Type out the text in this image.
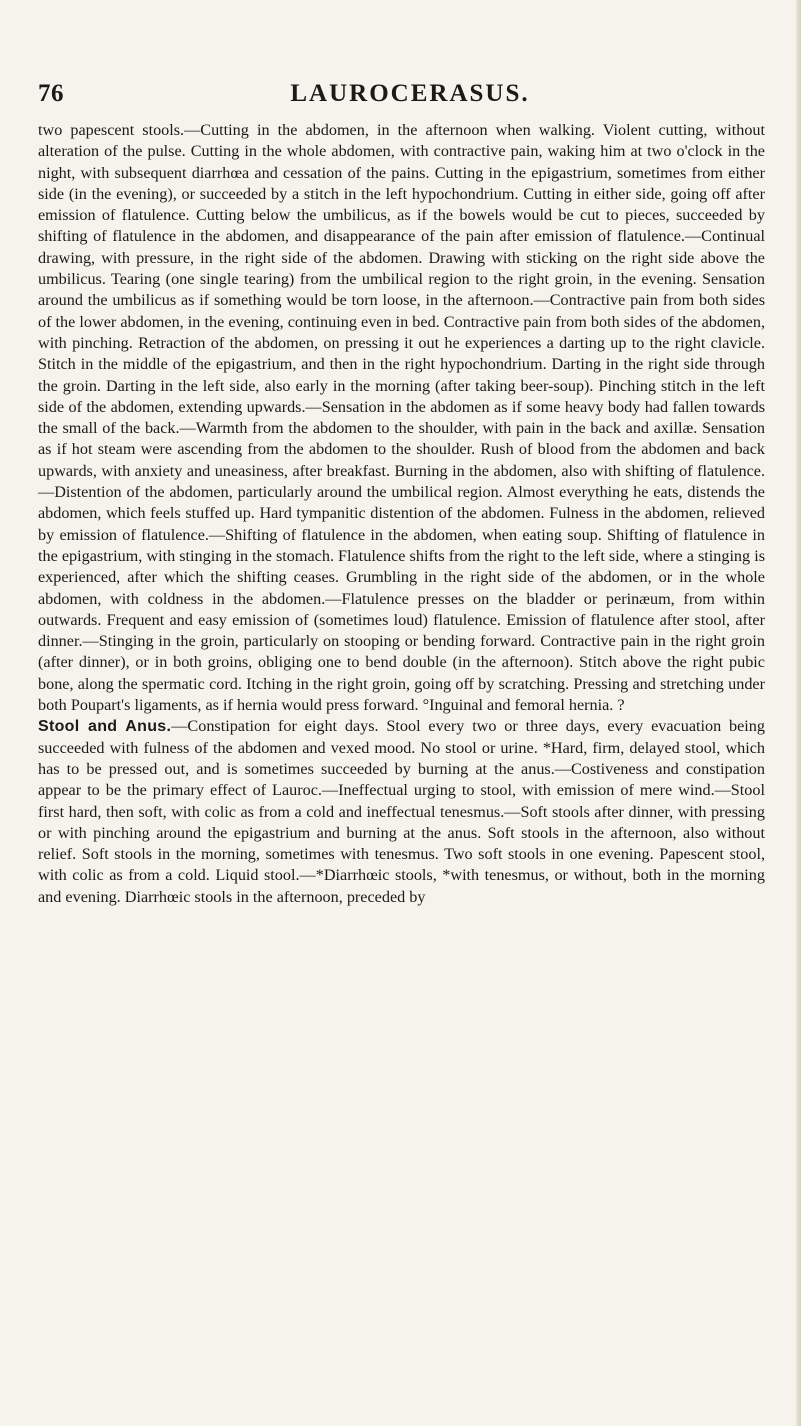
76	LAUROCERASUS.

two papescent stools.—Cutting in the abdomen, in the afternoon when walking. Violent cutting, without alteration of the pulse. Cutting in the whole abdomen, with contractive pain, waking him at two o'clock in the night, with subsequent diarrhœa and cessation of the pains. Cutting in the epigastrium, sometimes from either side (in the evening), or succeeded by a stitch in the left hypochondrium. Cutting in either side, going off after emission of flatulence. Cutting below the umbilicus, as if the bowels would be cut to pieces, succeeded by shifting of flatulence in the abdomen, and disappearance of the pain after emission of flatulence.—Continual drawing, with pressure, in the right side of the abdomen. Drawing with sticking on the right side above the umbilicus. Tearing (one single tearing) from the umbilical region to the right groin, in the evening. Sensation around the umbilicus as if something would be torn loose, in the afternoon.—Contractive pain from both sides of the lower abdomen, in the evening, continuing even in bed. Contractive pain from both sides of the abdomen, with pinching. Retraction of the abdomen, on pressing it out he experiences a darting up to the right clavicle. Stitch in the middle of the epigastrium, and then in the right hypochondrium. Darting in the right side through the groin. Darting in the left side, also early in the morning (after taking beer-soup). Pinching stitch in the left side of the abdomen, extending upwards.—Sensation in the abdomen as if some heavy body had fallen towards the small of the back.—Warmth from the abdomen to the shoulder, with pain in the back and axillæ. Sensation as if hot steam were ascending from the abdomen to the shoulder. Rush of blood from the abdomen and back upwards, with anxiety and uneasiness, after breakfast. Burning in the abdomen, also with shifting of flatulence.—Distention of the abdomen, particularly around the umbilical region. Almost everything he eats, distends the abdomen, which feels stuffed up. Hard tympanitic distention of the abdomen. Fulness in the abdomen, relieved by emission of flatulence.—Shifting of flatulence in the abdomen, when eating soup. Shifting of flatulence in the epigastrium, with stinging in the stomach. Flatulence shifts from the right to the left side, where a stinging is experienced, after which the shifting ceases. Grumbling in the right side of the abdomen, or in the whole abdomen, with coldness in the abdomen.—Flatulence presses on the bladder or perinæum, from within outwards. Frequent and easy emission of (sometimes loud) flatulence. Emission of flatulence after stool, after dinner.—Stinging in the groin, particularly on stooping or bending forward. Contractive pain in the right groin (after dinner), or in both groins, obliging one to bend double (in the afternoon). Stitch above the right pubic bone, along the spermatic cord. Itching in the right groin, going off by scratching. Pressing and stretching under both Poupart's ligaments, as if hernia would press forward. °Inguinal and femoral hernia. ?

Stool and Anus.—Constipation for eight days. Stool every two or three days, every evacuation being succeeded with fulness of the abdomen and vexed mood. No stool or urine. *Hard, firm, delayed stool, which has to be pressed out, and is sometimes succeeded by burning at the anus.—Costiveness and constipation appear to be the primary effect of Lauroc.—Ineffectual urging to stool, with emission of mere wind.—Stool first hard, then soft, with colic as from a cold and ineffectual tenesmus.—Soft stools after dinner, with pressing or with pinching around the epigastrium and burning at the anus. Soft stools in the afternoon, also without relief. Soft stools in the morning, sometimes with tenesmus. Two soft stools in one evening. Papescent stool, with colic as from a cold. Liquid stool.—*Diarrhœic stools, *with tenesmus, or without, both in the morning and evening. Diarrhœic stools in the afternoon, preceded by
